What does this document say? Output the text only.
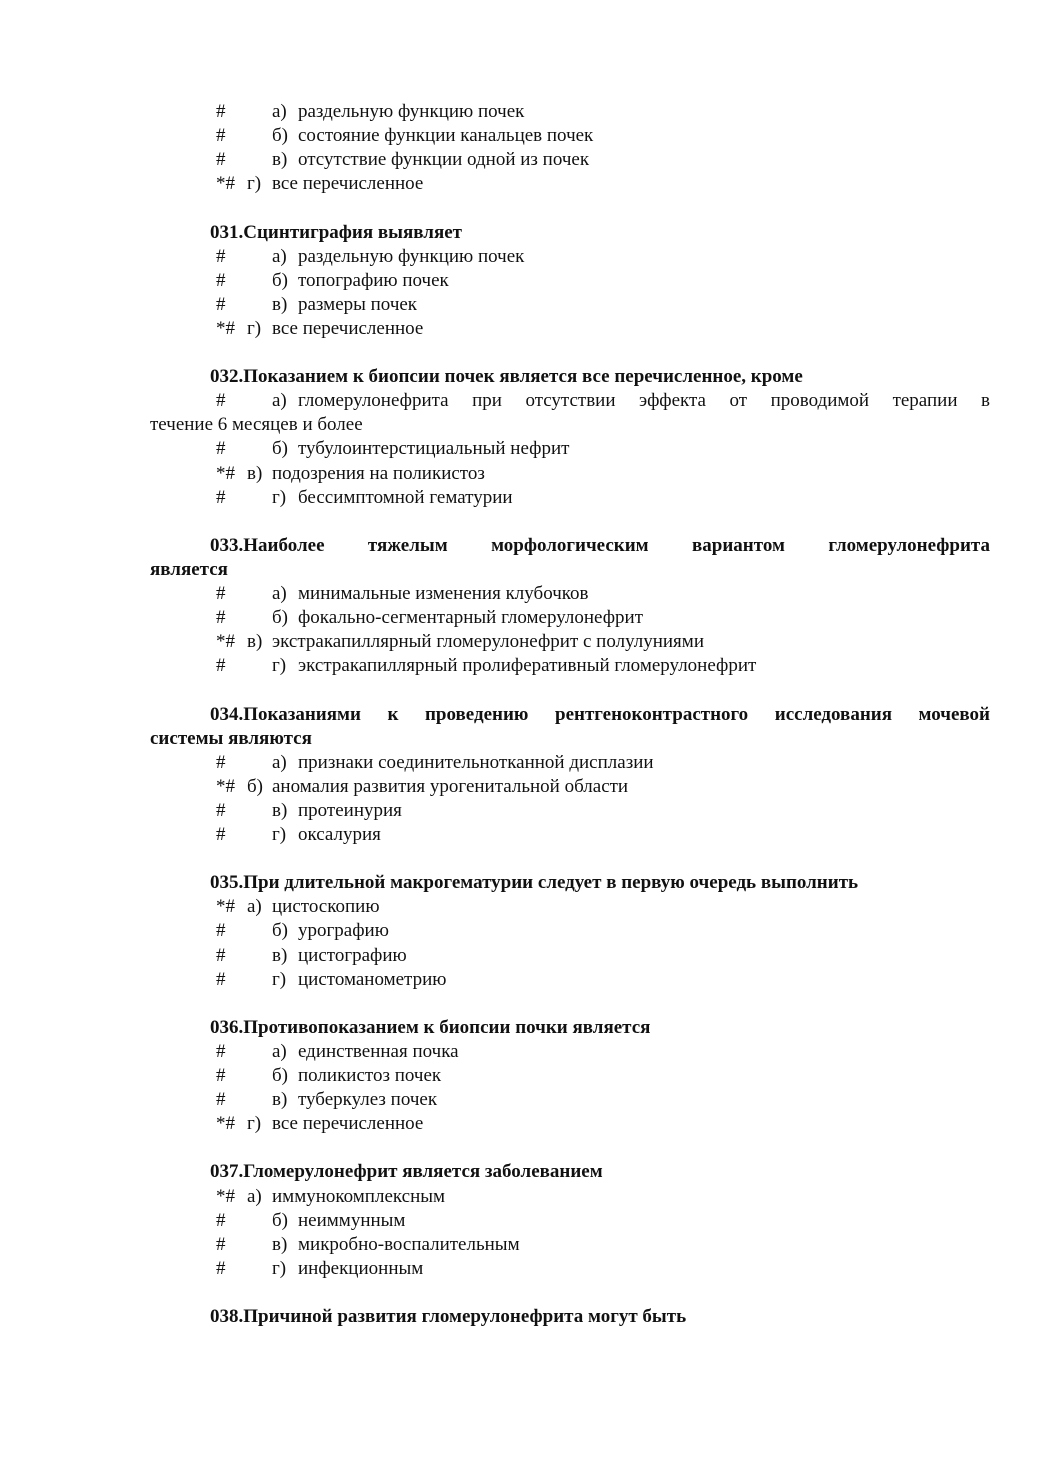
# а) раздельную функцию почек
# б) состояние функции канальцев почек
# в) отсутствие функции одной из почек
*# г) все перечисленное
031.Сцинтиграфия выявляет
# а) раздельную функцию почек
# б) топографию почек
# в) размеры почек
*# г) все перечисленное
032.Показанием к биопсии почек является все перечисленное, кроме
# а) гломерулонефрита при отсутствии эффекта от проводимой терапии в
течение 6 месяцев и более
# б) тубулоинтерстициальный нефрит
*# в) подозрения на поликистоз
# г) бессимптомной гематурии
033.Наиболее тяжелым морфологическим вариантом гломерулонефрита
является
# а) минимальные изменения клубочков
# б) фокально-сегментарный гломерулонефрит
*# в) экстракапиллярный гломерулонефрит с полулуниями
# г) экстракапиллярный пролиферативный гломерулонефрит
034.Показаниями к проведению рентгеноконтрастного исследования мочевой
системы являются
# а) признаки соединительнотканной дисплазии
*# б) аномалия развития урогенитальной области
# в) протеинурия
# г) оксалурия
035.При длительной макрогематурии следует в первую очередь выполнить
*# а) цистоскопию
# б) урографию
# в) цистографию
# г) цистоманометрию
036.Противопоказанием к биопсии почки является
# а) единственная почка
# б) поликистоз почек
# в) туберкулез почек
*# г) все перечисленное
037.Гломерулонефрит является заболеванием
*# а) иммунокомплексным
# б) неиммунным
# в) микробно-воспалительным
# г) инфекционным
038.Причиной развития гломерулонефрита могут быть
